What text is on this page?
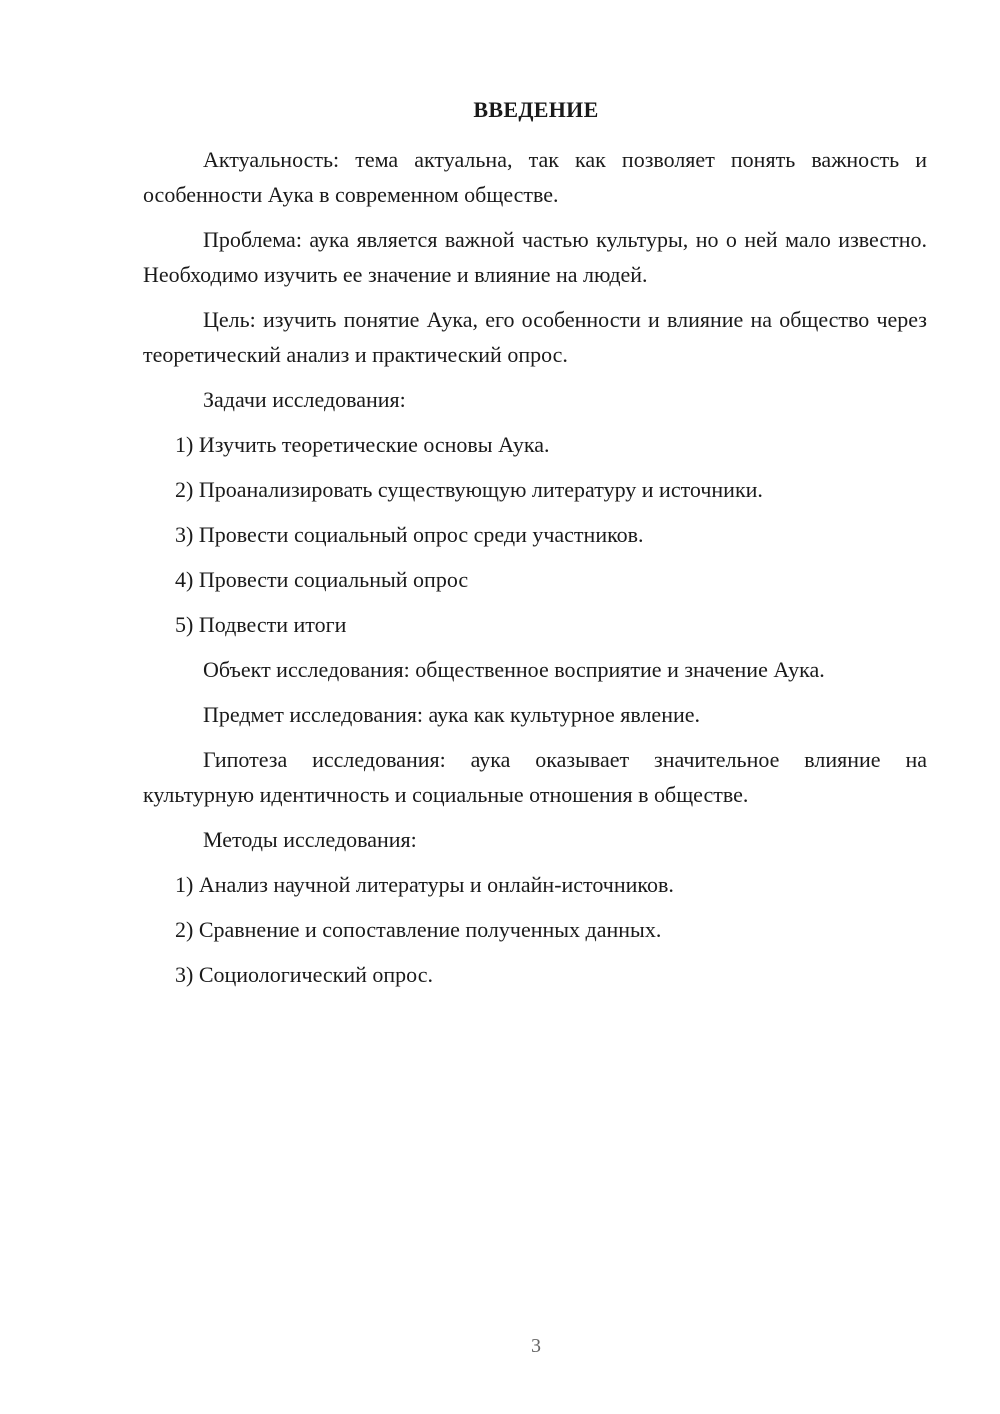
ВВЕДЕНИЕ

Актуальность: тема актуальна, так как позволяет понять важность и особенности Аука в современном обществе.

Проблема: аука является важной частью культуры, но о ней мало известно. Необходимо изучить ее значение и влияние на людей.

Цель: изучить понятие Аука, его особенности и влияние на общество через теоретический анализ и практический опрос.

Задачи исследования:
1) Изучить теоретические основы Аука.
2) Проанализировать существующую литературу и источники.
3) Провести социальный опрос среди участников.
4) Провести социальный опрос
5) Подвести итоги
Объект исследования: общественное восприятие и значение Аука.
Предмет исследования: аука как культурное явление.

Гипотеза исследования: аука оказывает значительное влияние на культурную идентичность и социальные отношения в обществе.

Методы исследования:
1) Анализ научной литературы и онлайн-источников.
2) Сравнение и сопоставление полученных данных.
3) Социологический опрос.
3
